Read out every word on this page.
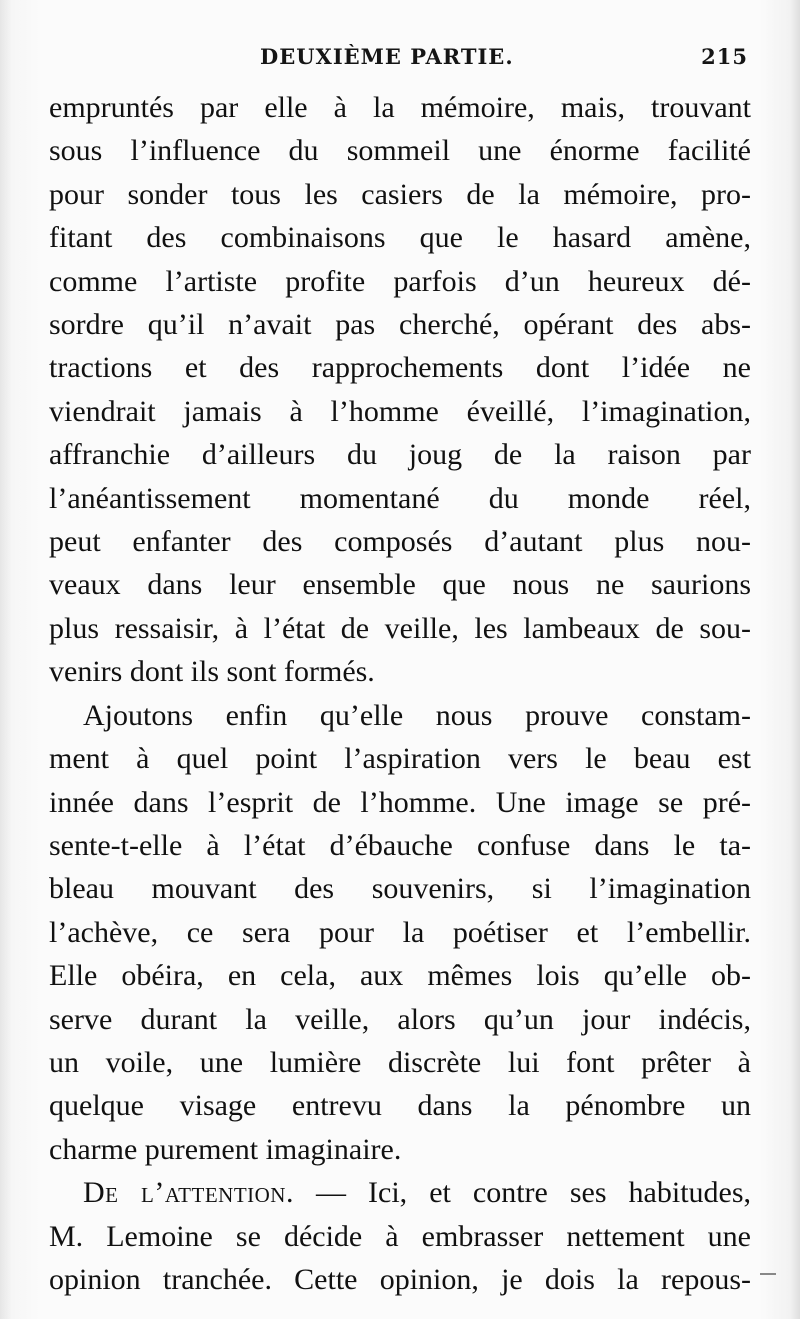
DEUXIÈME PARTIE.	215
empruntés par elle à la mémoire, mais, trouvant
sous l’influence du sommeil une énorme facilité
pour sonder tous les casiers de la mémoire, pro-
fitant des combinaisons que le hasard amène,
comme l’artiste profite parfois d’un heureux dé-
sordre qu’il n’avait pas cherché, opérant des abs-
tractions et des rapprochements dont l’idée ne
viendrait jamais à l’homme éveillé, l’imagination,
affranchie d’ailleurs du joug de la raison par
l’anéantissement momentané du monde réel,
peut enfanter des composés d’autant plus nou-
veaux dans leur ensemble que nous ne saurions
plus ressaisir, à l’état de veille, les lambeaux de sou-
venirs dont ils sont formés.
Ajoutons enfin qu’elle nous prouve constam-
ment à quel point l’aspiration vers le beau est
innée dans l’esprit de l’homme. Une image se pré-
sente-t-elle à l’état d’ébauche confuse dans le ta-
bleau mouvant des souvenirs, si l’imagination
l’achève, ce sera pour la poétiser et l’embellir.
Elle obéira, en cela, aux mêmes lois qu’elle ob-
serve durant la veille, alors qu’un jour indécis,
un voile, une lumière discrète lui font prêter à
quelque visage entrevu dans la pénombre un
charme purement imaginaire.
De l’attention. — Ici, et contre ses habitudes,
M. Lemoine se décide à embrasser nettement une
opinion tranchée. Cette opinion, je dois la repous-
